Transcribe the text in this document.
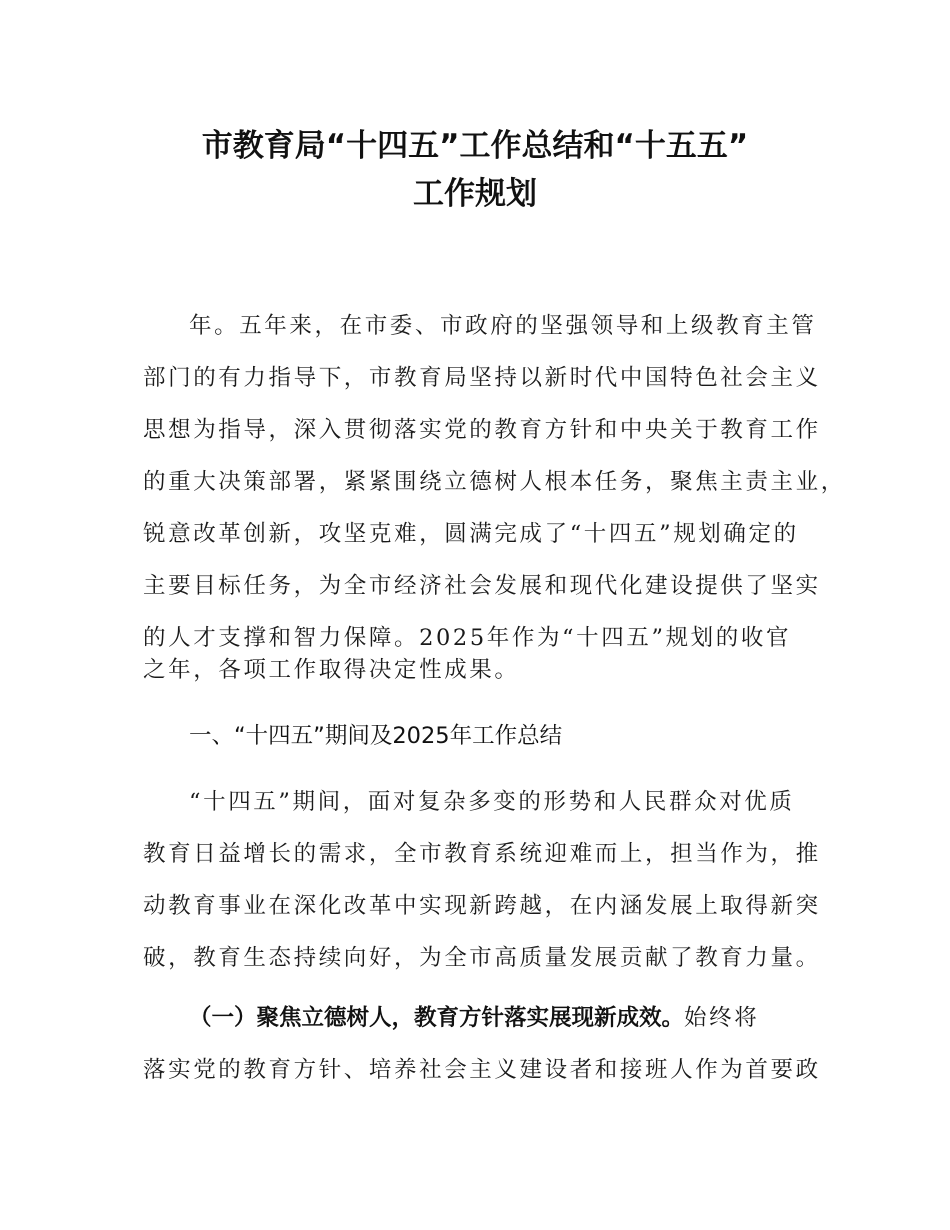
市教育局“十四五”工作总结和“十五五”
工作规划
年。五年来，在市委、市政府的坚强领导和上级教育主管
部门的有力指导下，市教育局坚持以新时代中国特色社会主义
思想为指导，深入贯彻落实党的教育方针和中央关于教育工作
的重大决策部署，紧紧围绕立德树人根本任务，聚焦主责主业，
锐意改革创新，攻坚克难，圆满完成了“十四五”规划确定的
主要目标任务，为全市经济社会发展和现代化建设提供了坚实
的人才支撑和智力保障。2025年作为“十四五”规划的收官
之年，各项工作取得决定性成果。
一、“十四五”期间及2025年工作总结
“十四五”期间，面对复杂多变的形势和人民群众对优质
教育日益增长的需求，全市教育系统迎难而上，担当作为，推
动教育事业在深化改革中实现新跨越，在内涵发展上取得新突
破，教育生态持续向好，为全市高质量发展贡献了教育力量。
（一）聚焦立德树人，教育方针落实展现新成效。始终将
落实党的教育方针、培养社会主义建设者和接班人作为首要政
